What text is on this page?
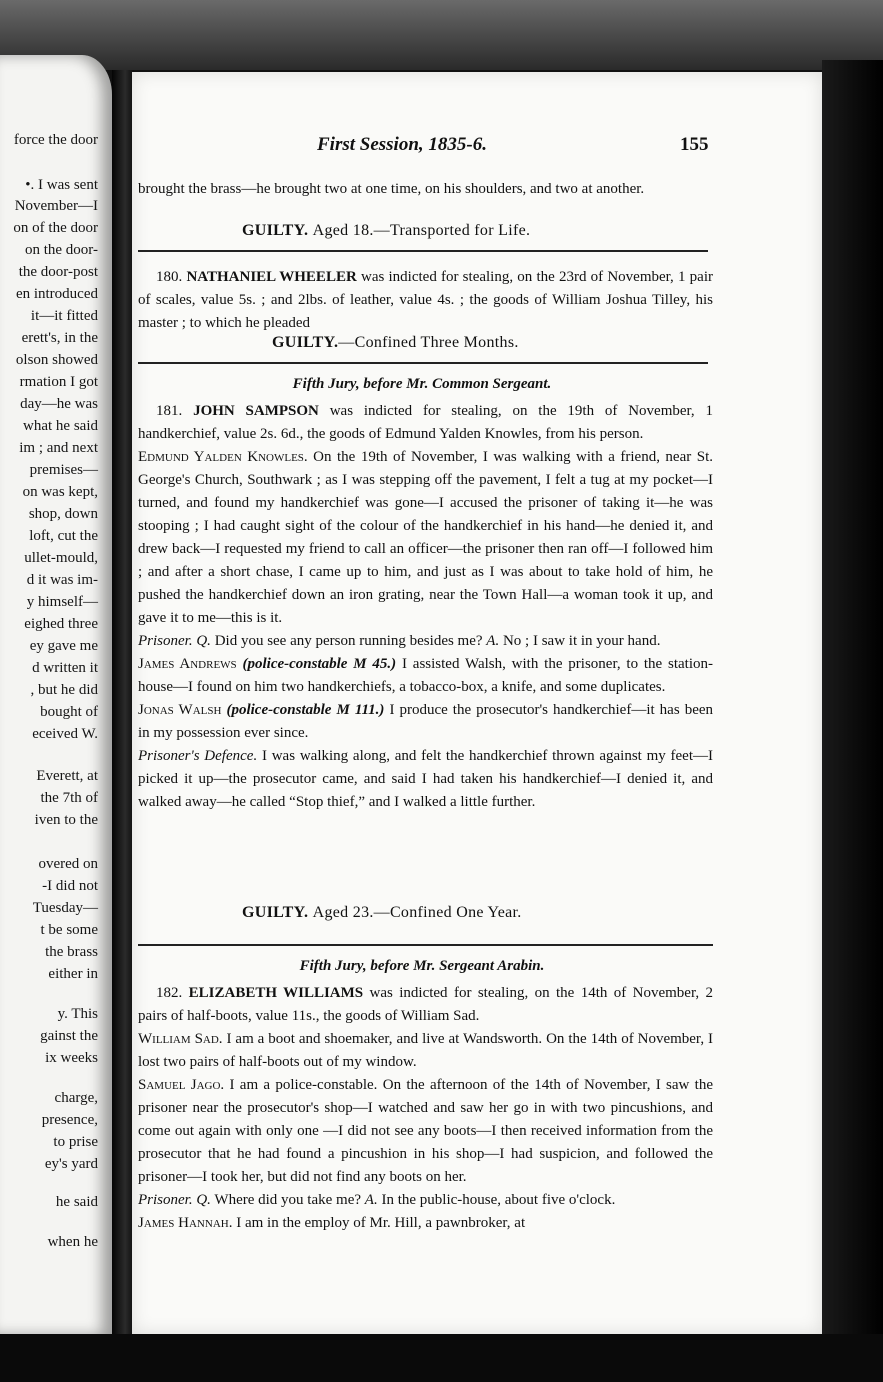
force the door
•. I was sent
November—I
on of the door
on the door-
the door-post
en introduced
it—it fitted
erett's, in the
olson showed
rmation I got
day—he was
what he said
im ; and next
premises—
on was kept,
shop, down
loft, cut the
ullet-mould,
d it was im-
y himself—
eighed three
ey gave me
d written it
, but he did
bought of
eceived W.
Everett, at
the 7th of
iven to the
overed on
-I did not
Tuesday—
t be some
the brass
either in
y. This
gainst the
ix weeks
charge,
presence,
to prise
ey's yard
he said
when he
First Session, 1835-6.	155
brought the brass—he brought two at one time, on his shoulders, and two at another.
GUILTY. Aged 18.—Transported for Life.
180. NATHANIEL WHEELER was indicted for stealing, on the 23rd of November, 1 pair of scales, value 5s. ; and 2lbs. of leather, value 4s. ; the goods of William Joshua Tilley, his master ; to which he pleaded
GUILTY.—Confined Three Months.
Fifth Jury, before Mr. Common Sergeant.
181. JOHN SAMPSON was indicted for stealing, on the 19th of November, 1 handkerchief, value 2s. 6d., the goods of Edmund Yalden Knowles, from his person.
Edmund Yalden Knowles. On the 19th of November, I was walking with a friend, near St. George's Church, Southwark ; as I was stepping off the pavement, I felt a tug at my pocket—I turned, and found my handkerchief was gone—I accused the prisoner of taking it—he was stooping ; I had caught sight of the colour of the handkerchief in his hand—he denied it, and drew back—I requested my friend to call an officer—the prisoner then ran off—I followed him ; and after a short chase, I came up to him, and just as I was about to take hold of him, he pushed the handkerchief down an iron grating, near the Town Hall—a woman took it up, and gave it to me—this is it.
Prisoner. Q. Did you see any person running besides me? A. No ; I saw it in your hand.
James Andrews (police-constable M 45.) I assisted Walsh, with the prisoner, to the station-house—I found on him two handkerchiefs, a tobacco-box, a knife, and some duplicates.
Jonas Walsh (police-constable M 111.) I produce the prosecutor's handkerchief—it has been in my possession ever since.
Prisoner's Defence. I was walking along, and felt the handkerchief thrown against my feet—I picked it up—the prosecutor came, and said I had taken his handkerchief—I denied it, and walked away—he called “Stop thief,” and I walked a little further.
GUILTY. Aged 23.—Confined One Year.
Fifth Jury, before Mr. Sergeant Arabin.
182. ELIZABETH WILLIAMS was indicted for stealing, on the 14th of November, 2 pairs of half-boots, value 11s., the goods of William Sad.
William Sad. I am a boot and shoemaker, and live at Wandsworth. On the 14th of November, I lost two pairs of half-boots out of my window.
Samuel Jago. I am a police-constable. On the afternoon of the 14th of November, I saw the prisoner near the prosecutor's shop—I watched and saw her go in with two pincushions, and come out again with only one —I did not see any boots—I then received information from the prosecutor that he had found a pincushion in his shop—I had suspicion, and followed the prisoner—I took her, but did not find any boots on her.
Prisoner. Q. Where did you take me? A. In the public-house, about five o'clock.
James Hannah. I am in the employ of Mr. Hill, a pawnbroker, at
